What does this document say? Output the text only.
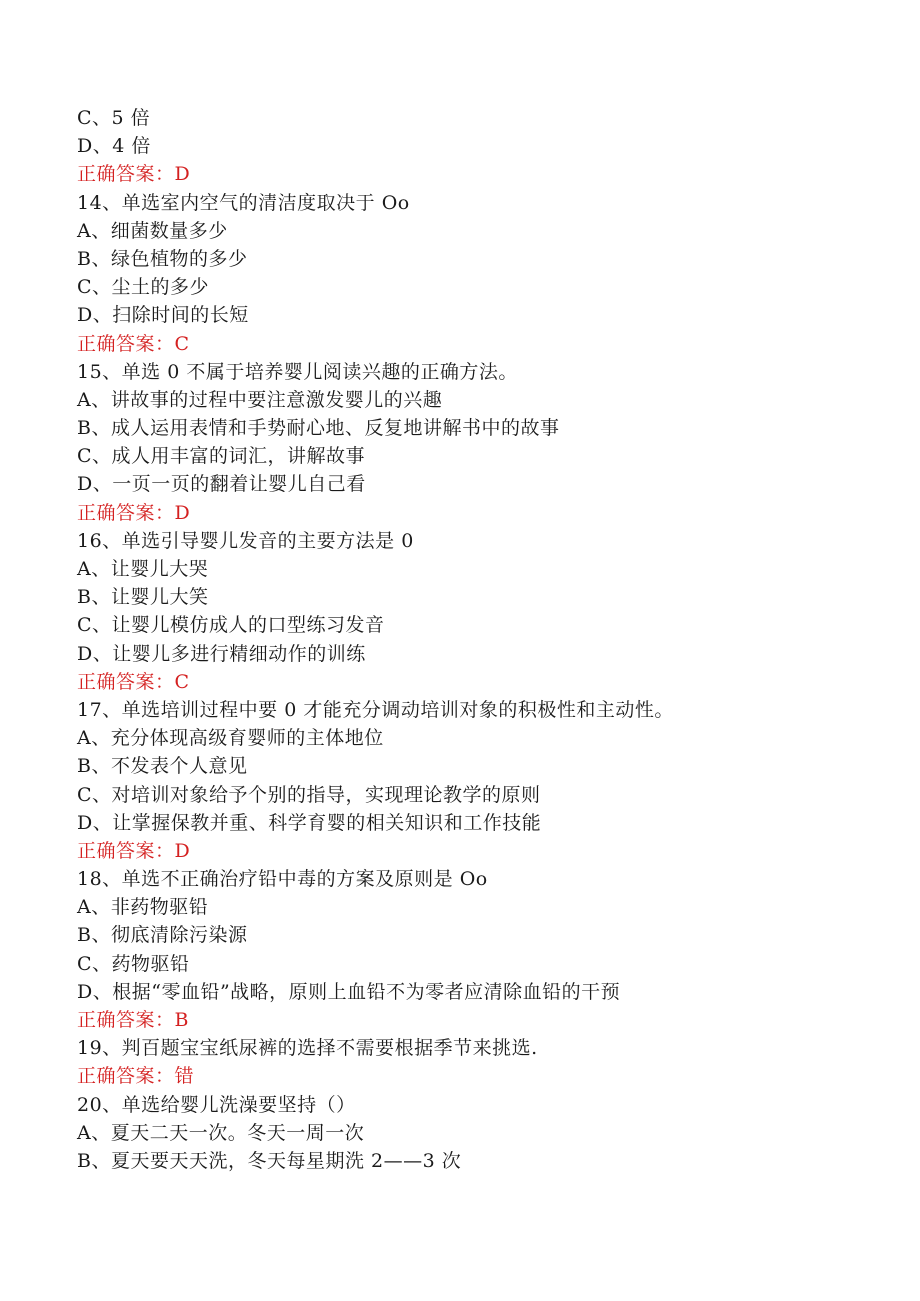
C、5 倍
D、4 倍
正确答案：D
14、单选室内空气的清洁度取决于 Oo
A、细菌数量多少
B、绿色植物的多少
C、尘土的多少
D、扫除时间的长短
正确答案：C
15、单选 0 不属于培养婴儿阅读兴趣的正确方法。
A、讲故事的过程中要注意激发婴儿的兴趣
B、成人运用表情和手势耐心地、反复地讲解书中的故事
C、成人用丰富的词汇，讲解故事
D、一页一页的翻着让婴儿自己看
正确答案：D
16、单选引导婴儿发音的主要方法是 0
A、让婴儿大哭
B、让婴儿大笑
C、让婴儿模仿成人的口型练习发音
D、让婴儿多进行精细动作的训练
正确答案：C
17、单选培训过程中要 0 才能充分调动培训对象的积极性和主动性。
A、充分体现高级育婴师的主体地位
B、不发表个人意见
C、对培训对象给予个别的指导，实现理论教学的原则
D、让掌握保教并重、科学育婴的相关知识和工作技能
正确答案：D
18、单选不正确治疗铅中毒的方案及原则是 Oo
A、非药物驱铅
B、彻底清除污染源
C、药物驱铅
D、根据“零血铅”战略，原则上血铅不为零者应清除血铅的干预
正确答案：B
19、判百题宝宝纸尿裤的选择不需要根据季节来挑选.
正确答案：错
20、单选给婴儿洗澡要坚持（）
A、夏天二天一次。冬天一周一次
B、夏天要天天洗，冬天每星期洗 2——3 次
